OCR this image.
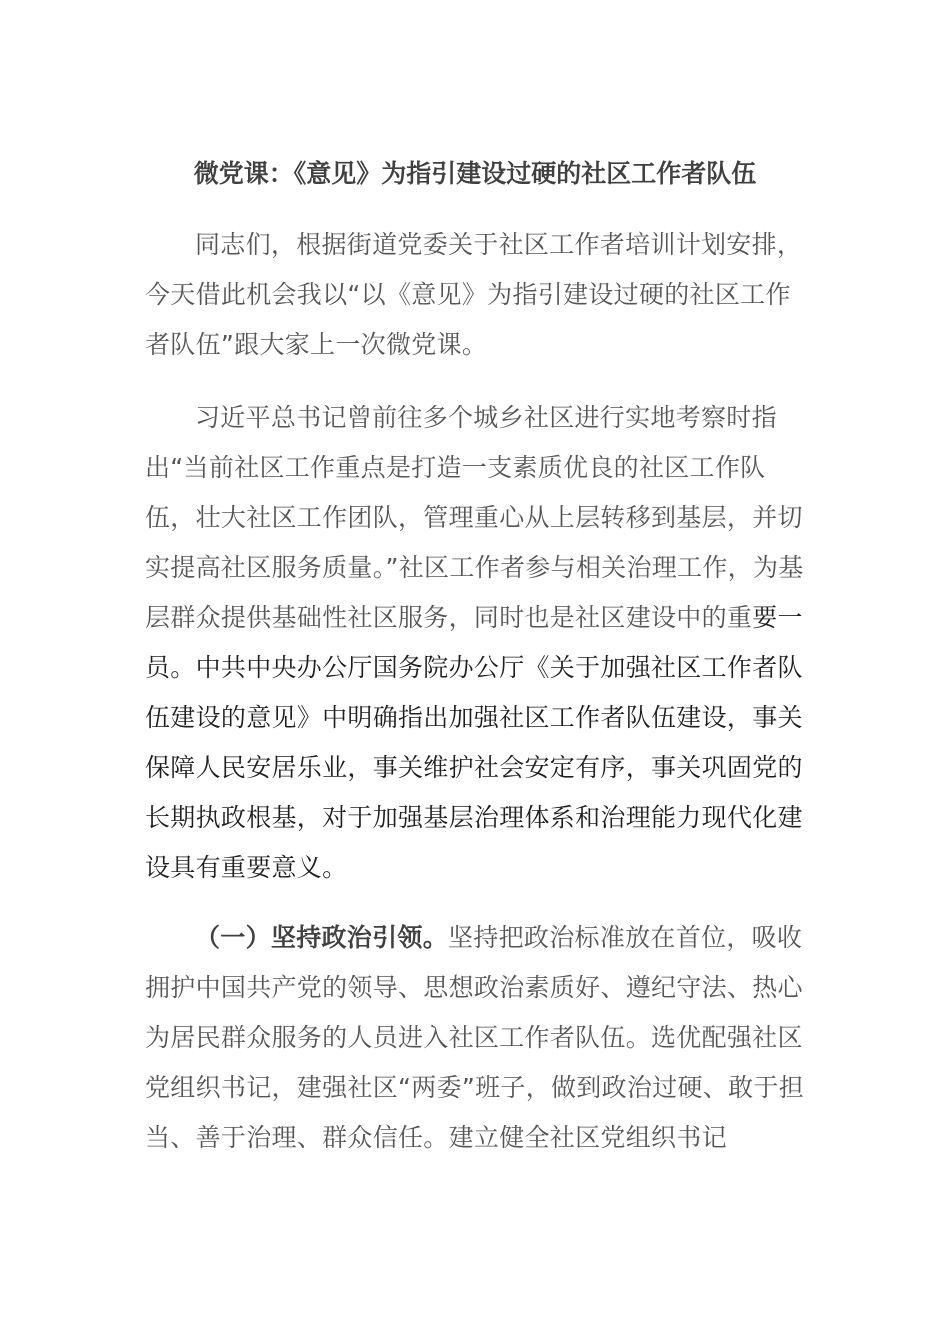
微党课：《意见》为指引建设过硬的社区工作者队伍
同志们，根据街道党委关于社区工作者培训计划安排，今天借此机会我以“以《意见》为指引建设过硬的社区工作者队伍”跟大家上一次微党课。
习近平总书记曾前往多个城乡社区进行实地考察时指出“当前社区工作重点是打造一支素质优良的社区工作队伍，壮大社区工作团队，管理重心从上层转移到基层，并切实提高社区服务质量。”社区工作者参与相关治理工作，为基层群众提供基础性社区服务，同时也是社区建设中的重要一员。中共中央办公厅国务院办公厅《关于加强社区工作者队伍建设的意见》中明确指出加强社区工作者队伍建设，事关保障人民安居乐业，事关维护社会安定有序，事关巩固党的长期执政根基，对于加强基层治理体系和治理能力现代化建设具有重要意义。
（一）坚持政治引领。坚持把政治标准放在首位，吸收拥护中国共产党的领导、思想政治素质好、遵纪守法、热心为居民群众服务的人员进入社区工作者队伍。选优配强社区党组织书记，建强社区“两委”班子，做到政治过硬、敢于担当、善于治理、群众信任。建立健全社区党组织书记
